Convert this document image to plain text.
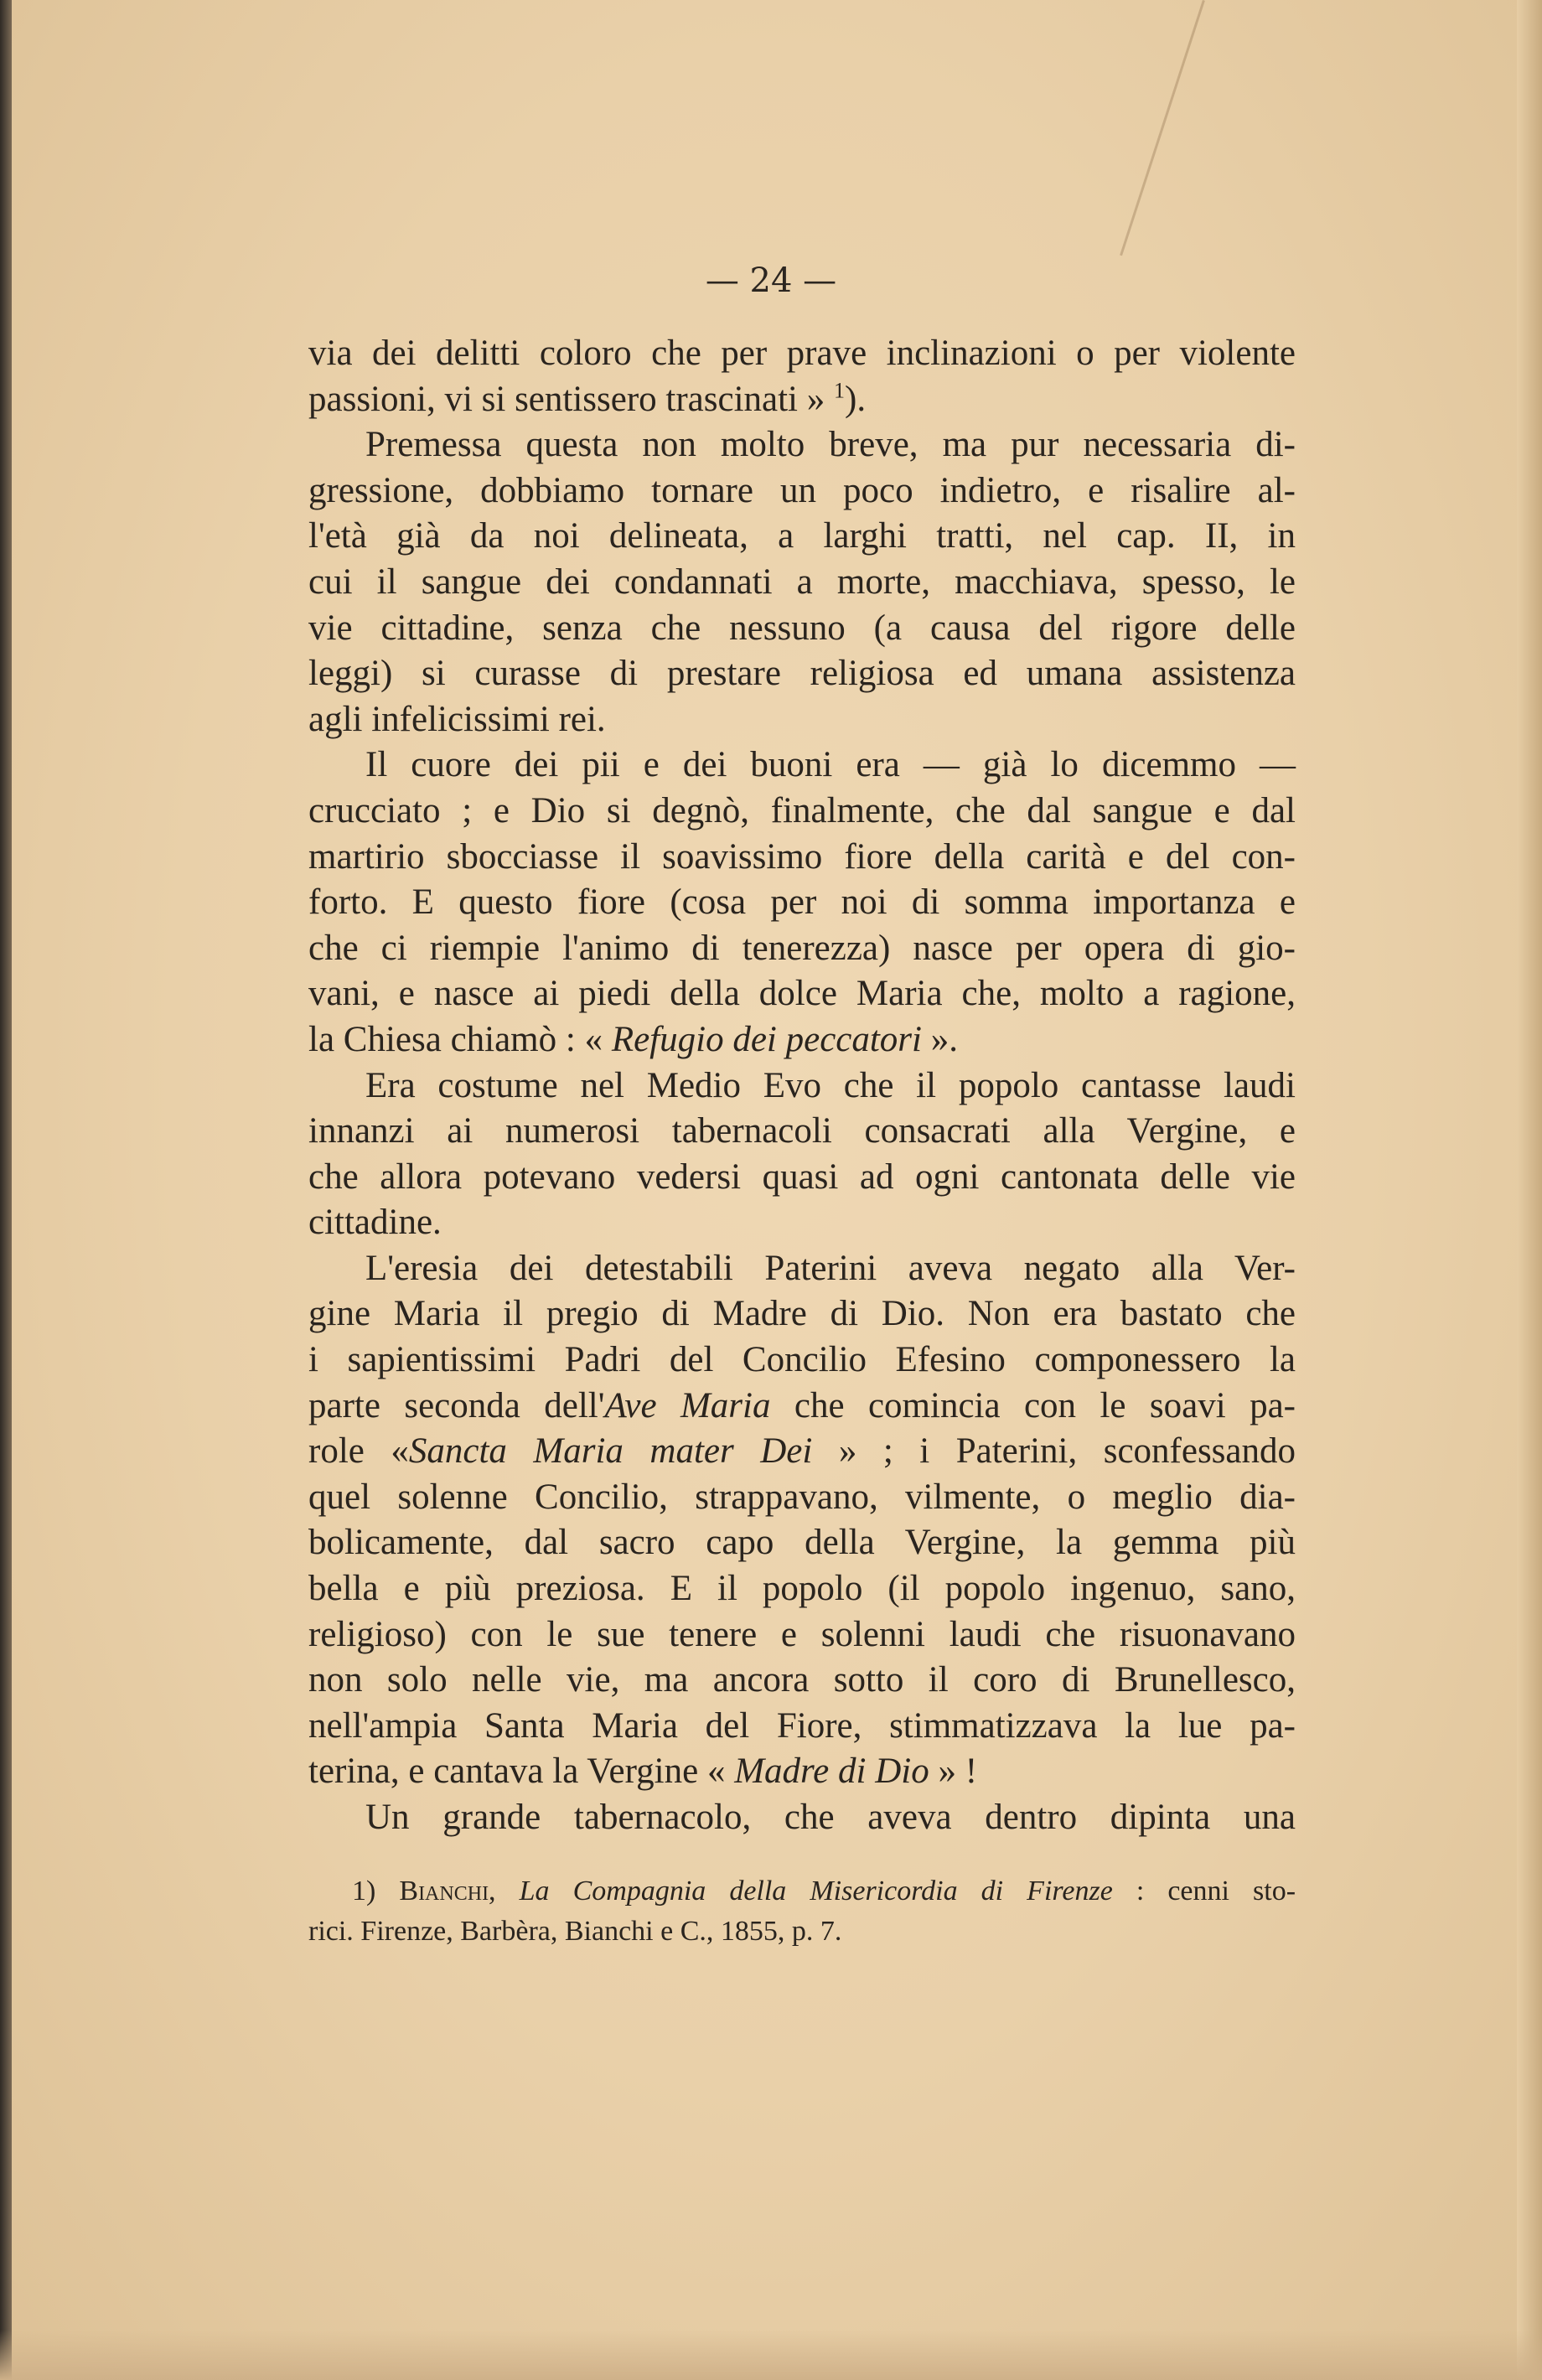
— 24 —
via dei delitti coloro che per prave inclinazioni o per violente
passioni, vi si sentissero trascinati » $^1$).
Premessa questa non molto breve, ma pur necessaria di-
gressione, dobbiamo tornare un poco indietro, e risalire al-
l'età già da noi delineata, a larghi tratti, nel cap. II, in
cui il sangue dei condannati a morte, macchiava, spesso, le
vie cittadine, senza che nessuno (a causa del rigore delle
leggi) si curasse di prestare religiosa ed umana assistenza
agli infelicissimi rei.
Il cuore dei pii e dei buoni era — già lo dicemmo —
crucciato ; e Dio si degnò, finalmente, che dal sangue e dal
martirio sbocciasse il soavissimo fiore della carità e del con-
forto. E questo fiore (cosa per noi di somma importanza e
che ci riempie l'animo di tenerezza) nasce per opera di gio-
vani, e nasce ai piedi della dolce Maria che, molto a ragione,
la Chiesa chiamò : « Refugio dei peccatori ».
Era costume nel Medio Evo che il popolo cantasse laudi
innanzi ai numerosi tabernacoli consacrati alla Vergine, e
che allora potevano vedersi quasi ad ogni cantonata delle vie
cittadine.
L'eresia dei detestabili Paterini aveva negato alla Ver-
gine Maria il pregio di Madre di Dio. Non era bastato che
i sapientissimi Padri del Concilio Efesino componessero la
parte seconda dell'Ave Maria che comincia con le soavi pa-
role «Sancta Maria mater Dei » ; i Paterini, sconfessando
quel solenne Concilio, strappavano, vilmente, o meglio dia-
bolicamente, dal sacro capo della Vergine, la gemma più
bella e più preziosa. E il popolo (il popolo ingenuo, sano,
religioso) con le sue tenere e solenni laudi che risuonavano
non solo nelle vie, ma ancora sotto il coro di Brunellesco,
nell'ampia Santa Maria del Fiore, stimmatizzava la lue pa-
terina, e cantava la Vergine « Madre di Dio » !
Un grande tabernacolo, che aveva dentro dipinta una
1) Bianchi, La Compagnia della Misericordia di Firenze : cenni sto-
rici. Firenze, Barbèra, Bianchi e C., 1855, p. 7.
